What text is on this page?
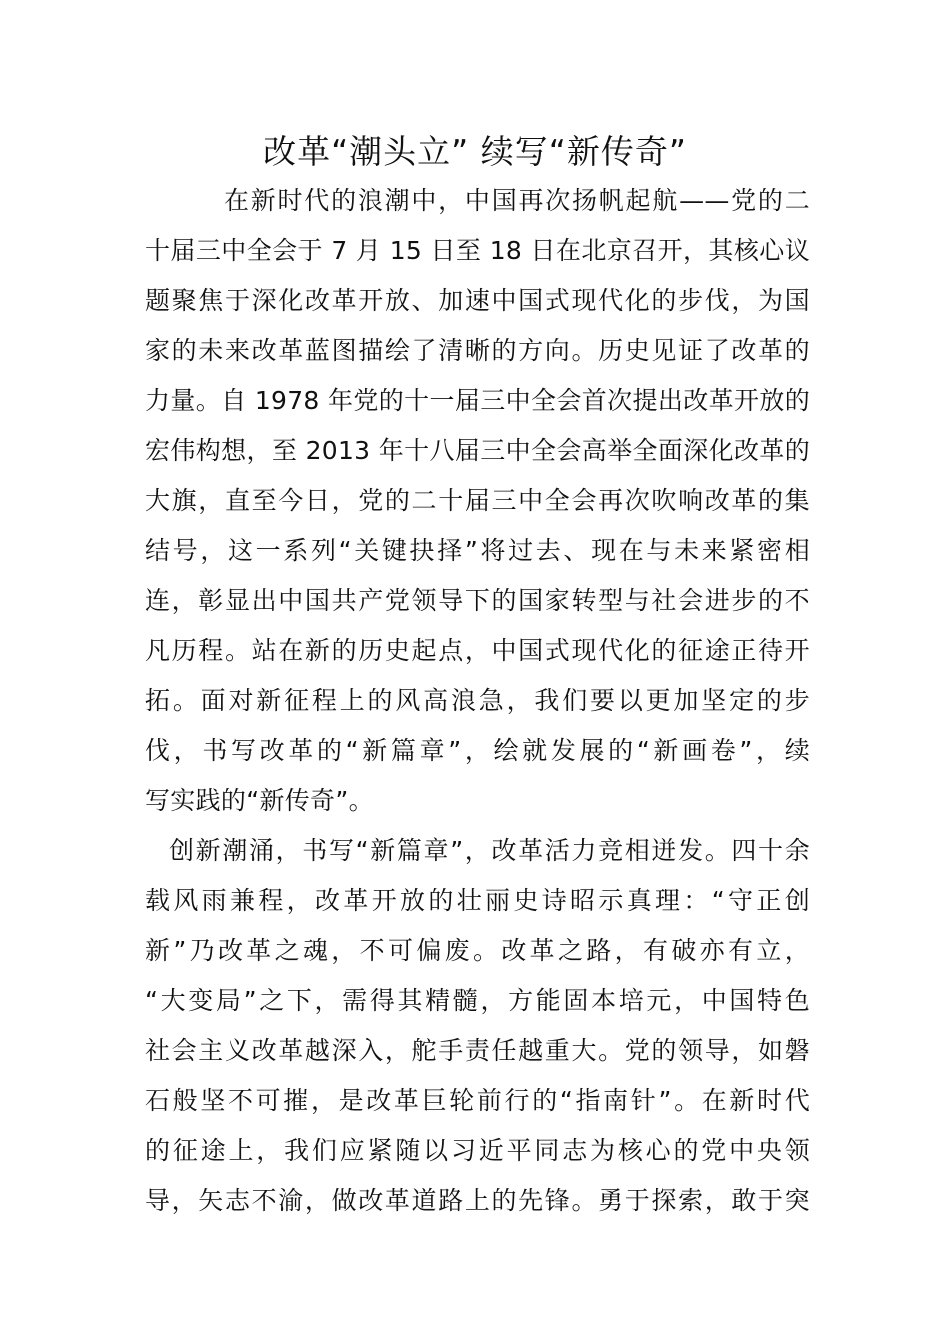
改革“潮头立” 续写“新传奇”
在新时代的浪潮中，中国再次扬帆起航——党的二
十届三中全会于 7 月 15 日至 18 日在北京召开，其核心议
题聚焦于深化改革开放、加速中国式现代化的步伐，为国
家的未来改革蓝图描绘了清晰的方向。历史见证了改革的
力量。自 1978 年党的十一届三中全会首次提出改革开放的
宏伟构想，至 2013 年十八届三中全会高举全面深化改革的
大旗，直至今日，党的二十届三中全会再次吹响改革的集
结号，这一系列“关键抉择”将过去、现在与未来紧密相
连，彰显出中国共产党领导下的国家转型与社会进步的不
凡历程。站在新的历史起点，中国式现代化的征途正待开
拓。面对新征程上的风高浪急，我们要以更加坚定的步
伐，书写改革的“新篇章”，绘就发展的“新画卷”，续
写实践的“新传奇”。
创新潮涌，书写“新篇章”，改革活力竞相迸发。四十余
载风雨兼程，改革开放的壮丽史诗昭示真理：“守正创
新”乃改革之魂，不可偏废。改革之路，有破亦有立，
“大变局”之下，需得其精髓，方能固本培元，中国特色
社会主义改革越深入，舵手责任越重大。党的领导，如磐
石般坚不可摧，是改革巨轮前行的“指南针”。在新时代
的征途上，我们应紧随以习近平同志为核心的党中央领
导，矢志不渝，做改革道路上的先锋。勇于探索，敢于突
